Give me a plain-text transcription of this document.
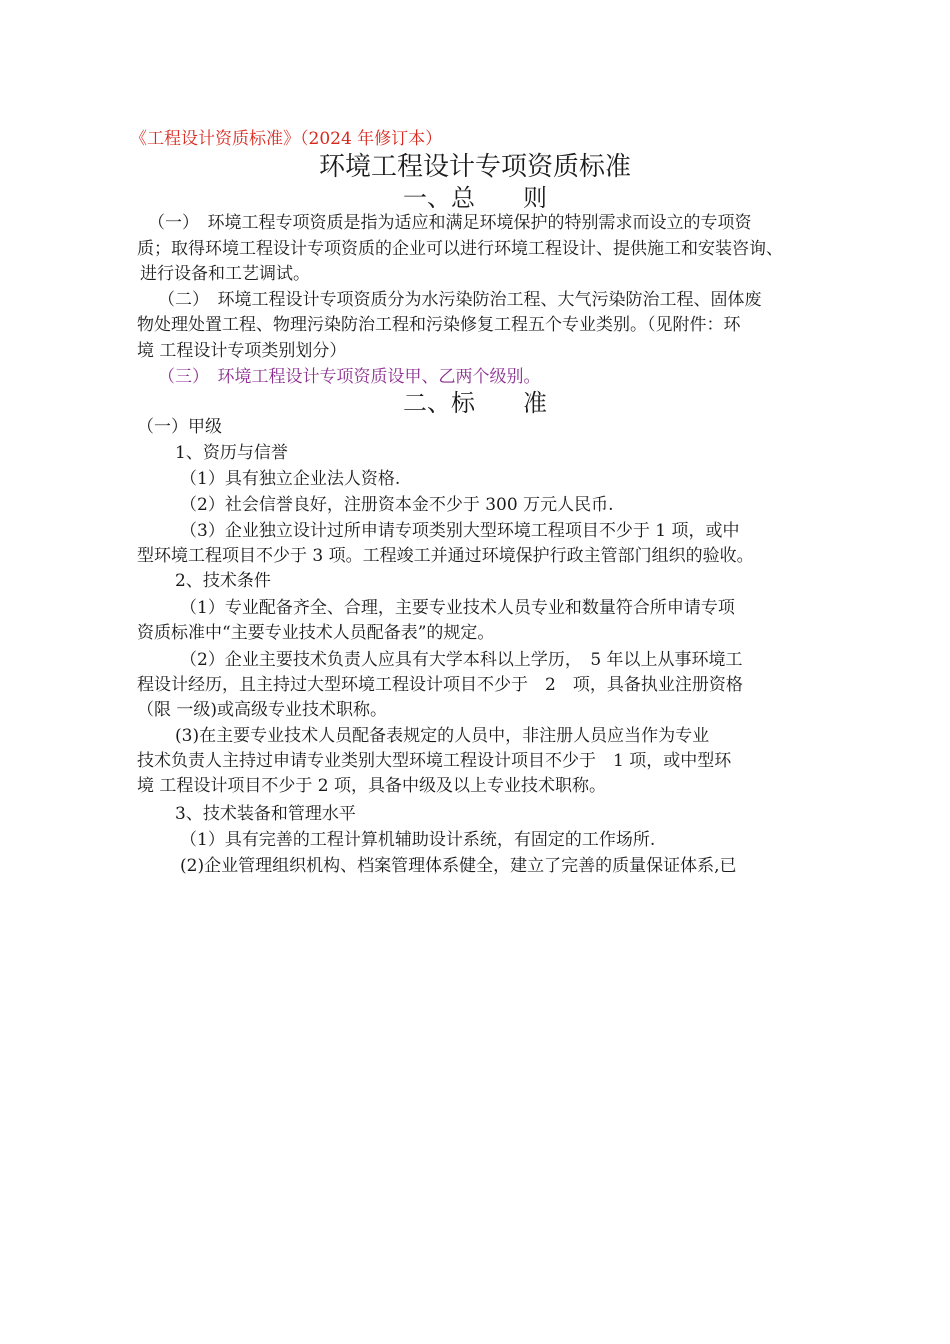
《工程设计资质标准》（2024 年修订本）
环境工程设计专项资质标准
一、总　　则
（一）　环境工程专项资质是指为适应和满足环境保护的特别需求而设立的专项资
质；取得环境工程设计专项资质的企业可以进行环境工程设计、提供施工和安装咨询、
进行设备和工艺调试。
（二）　环境工程设计专项资质分为水污染防治工程、大气污染防治工程、固体废
物处理处置工程、物理污染防治工程和污染修复工程五个专业类别。（见附件：环
境 工程设计专项类别划分）
（三）　环境工程设计专项资质设甲、乙两个级别。
二、标　　准
（一）甲级
1、资历与信誉
（1）具有独立企业法人资格.
（2）社会信誉良好，注册资本金不少于 300 万元人民币.
（3）企业独立设计过所申请专项类别大型环境工程项目不少于 1 项，或中
型环境工程项目不少于 3 项。工程竣工并通过环境保护行政主管部门组织的验收。
2、技术条件
（1）专业配备齐全、合理，主要专业技术人员专业和数量符合所申请专项
资质标准中“主要专业技术人员配备表”的规定。
（2）企业主要技术负责人应具有大学本科以上学历，　5 年以上从事环境工
程设计经历，且主持过大型环境工程设计项目不少于　2　项，具备执业注册资格
（限 一级)或高级专业技术职称。
(3)在主要专业技术人员配备表规定的人员中，非注册人员应当作为专业
技术负责人主持过申请专业类别大型环境工程设计项目不少于　1 项，或中型环
境 工程设计项目不少于 2 项，具备中级及以上专业技术职称。
3、技术装备和管理水平
（1）具有完善的工程计算机辅助设计系统，有固定的工作场所.
(2)企业管理组织机构、档案管理体系健全，建立了完善的质量保证体系,已
